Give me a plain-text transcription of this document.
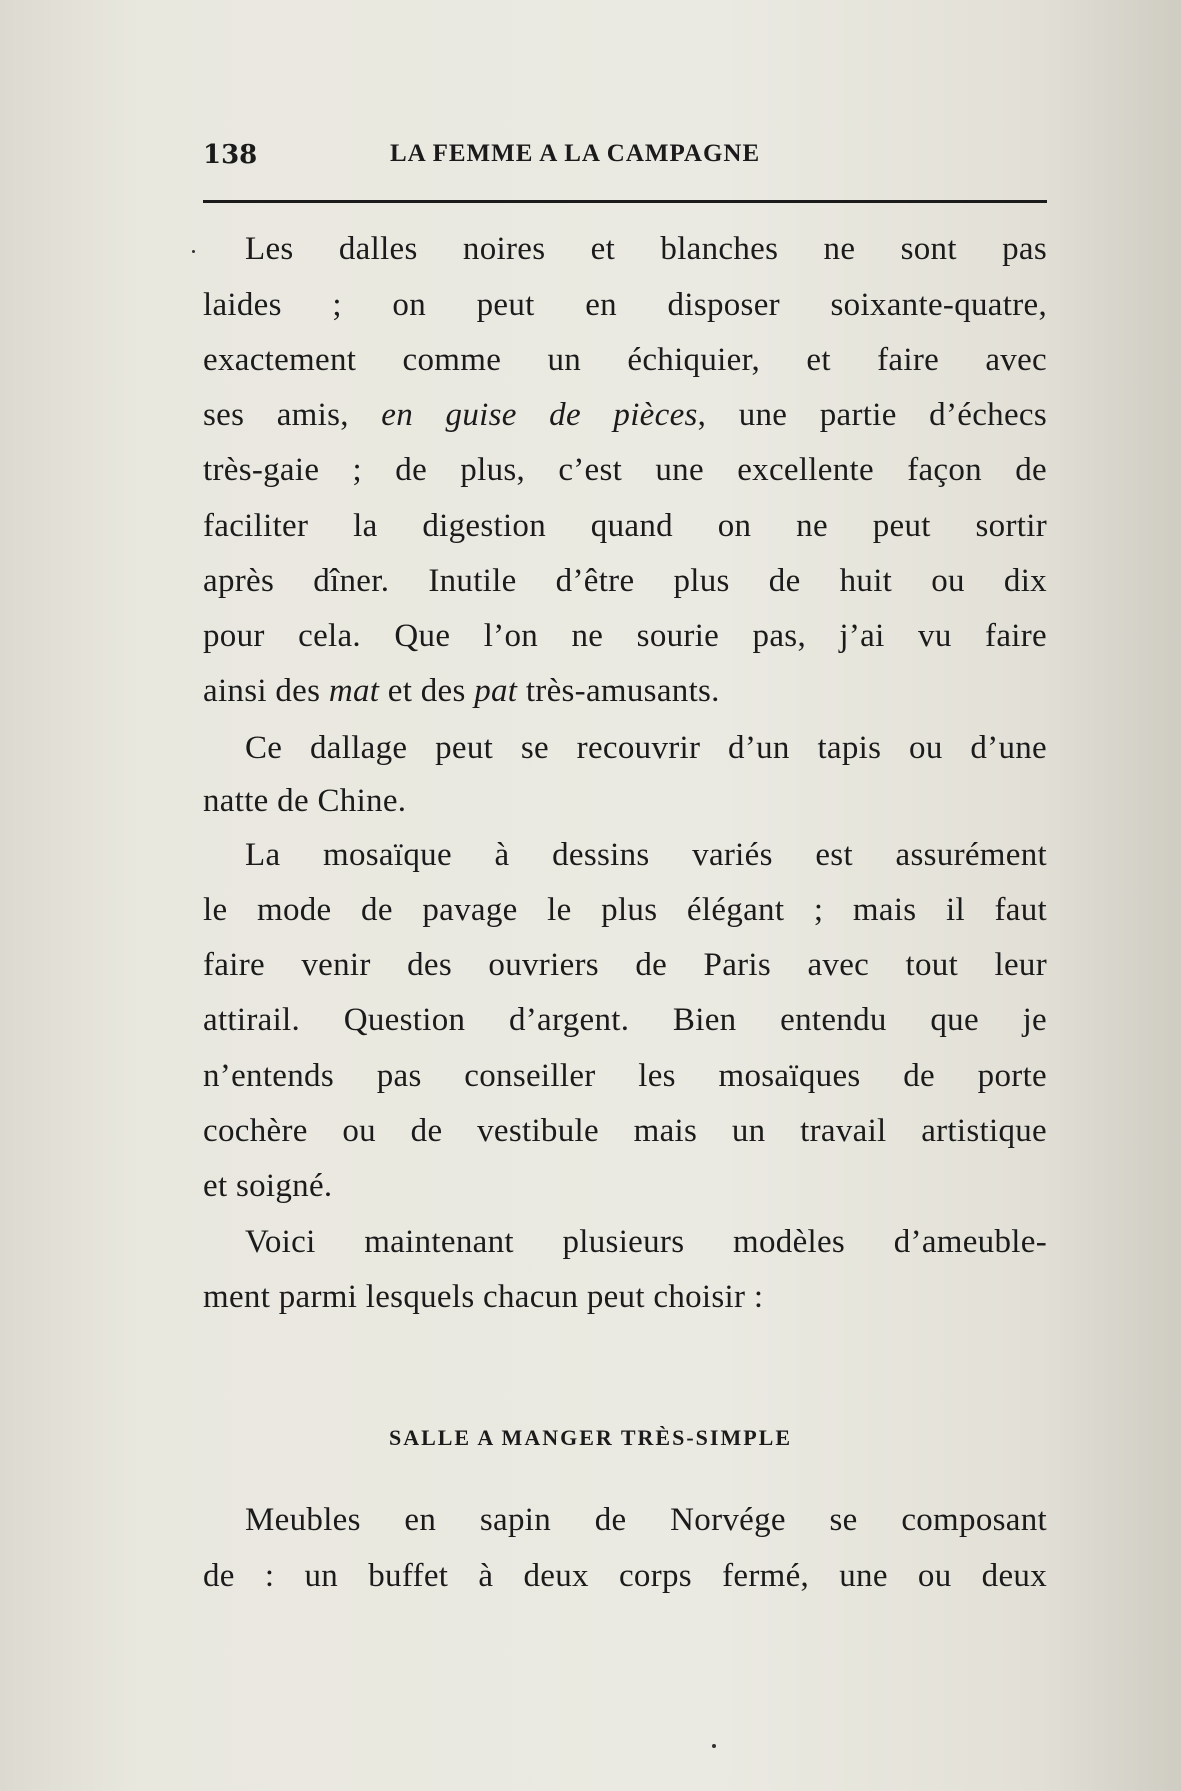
138	LA FEMME A LA CAMPAGNE
Les dalles noires et blanches ne sont pas
laides ; on peut en disposer soixante-quatre,
exactement comme un échiquier, et faire avec
ses amis, en guise de pièces, une partie d’échecs
très-gaie ; de plus, c’est une excellente façon de
faciliter la digestion quand on ne peut sortir
après dîner. Inutile d’être plus de huit ou dix
pour cela. Que l’on ne sourie pas, j’ai vu faire
ainsi des mat et des pat très-amusants.
Ce dallage peut se recouvrir d’un tapis ou d’une
natte de Chine.
La mosaïque à dessins variés est assurément
le mode de pavage le plus élégant ; mais il faut
faire venir des ouvriers de Paris avec tout leur
attirail. Question d’argent. Bien entendu que je
n’entends pas conseiller les mosaïques de porte
cochère ou de vestibule mais un travail artistique
et soigné.
Voici maintenant plusieurs modèles d’ameuble-
ment parmi lesquels chacun peut choisir :
SALLE A MANGER TRÈS-SIMPLE
Meubles en sapin de Norvége se composant
de : un buffet à deux corps fermé, une ou deux
